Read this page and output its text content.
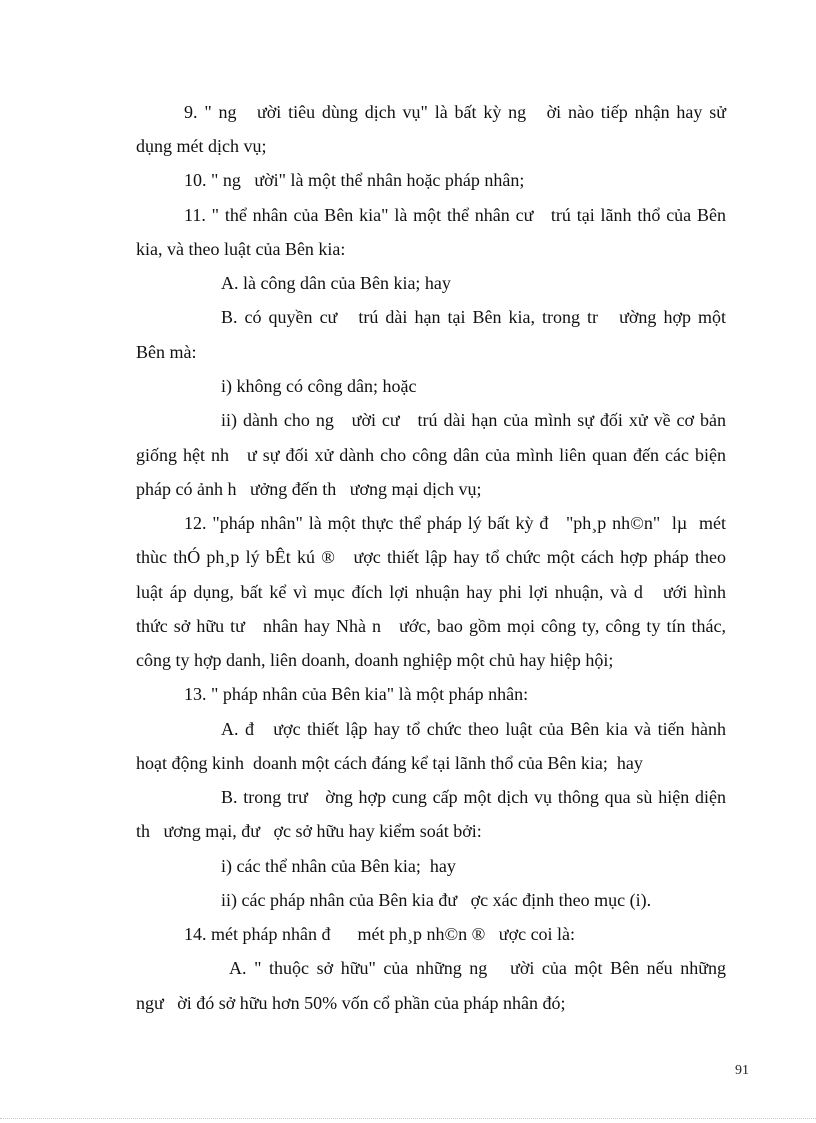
9. " ng   ười tiêu dùng dịch vụ" là bất kỳ ng   ời nào tiếp nhận hay sử
dụng mét dịch vụ;
10. " ng   ười" là một thể nhân hoặc pháp nhân;
11. " thể nhân của Bên kia" là một thể nhân cư   trú tại lãnh thổ của Bên
kia, và theo luật của Bên kia:
A. là công dân của Bên kia; hay
B. có quyền cư   trú dài hạn tại Bên kia, trong tr   ường hợp một
Bên mà:
i) không có công dân; hoặc
ii) dành cho ng   ười cư   trú dài hạn của mình sự đối xử về cơ bản
giống hệt nh   ư sự đối xử dành cho công dân của mình liên quan đến các biện
pháp có ảnh h   ưởng đến th   ương mại dịch vụ;
12. "pháp nhân" là một thực thể pháp lý bất kỳ đ   "ph¸p nh©n"  lµ  mét
thùc thÓ ph¸p lý bÊt kú ®   ược thiết lập hay tổ chức một cách hợp pháp theo
luật áp dụng, bất kể vì mục đích lợi nhuận hay phi lợi nhuận, và d   ưới hình
thức sở hữu tư   nhân hay Nhà n   ước, bao gồm mọi công ty, công ty tín thác,
công ty hợp danh, liên doanh, doanh nghiệp một chủ hay hiệp hội;
13. " pháp nhân của Bên kia" là một pháp nhân:
A. đ   ược thiết lập hay tổ chức theo luật của Bên kia và tiến hành
hoạt động kinh  doanh một cách đáng kể tại lãnh thổ của Bên kia;  hay
B. trong trư   ờng hợp cung cấp một dịch vụ thông qua sù hiện diện
th   ương mại, đư   ợc sở hữu hay kiểm soát bởi:
i) các thể nhân của Bên kia;  hay
ii) các pháp nhân của Bên kia đư   ợc xác định theo mục (i).
14. mét pháp nhân đ      mét ph¸p nh©n ®   ược coi là:
A. " thuộc sở hữu" của những ng   ười của một Bên nếu những
ngư   ời đó sở hữu hơn 50% vốn cổ phần của pháp nhân đó;
91
